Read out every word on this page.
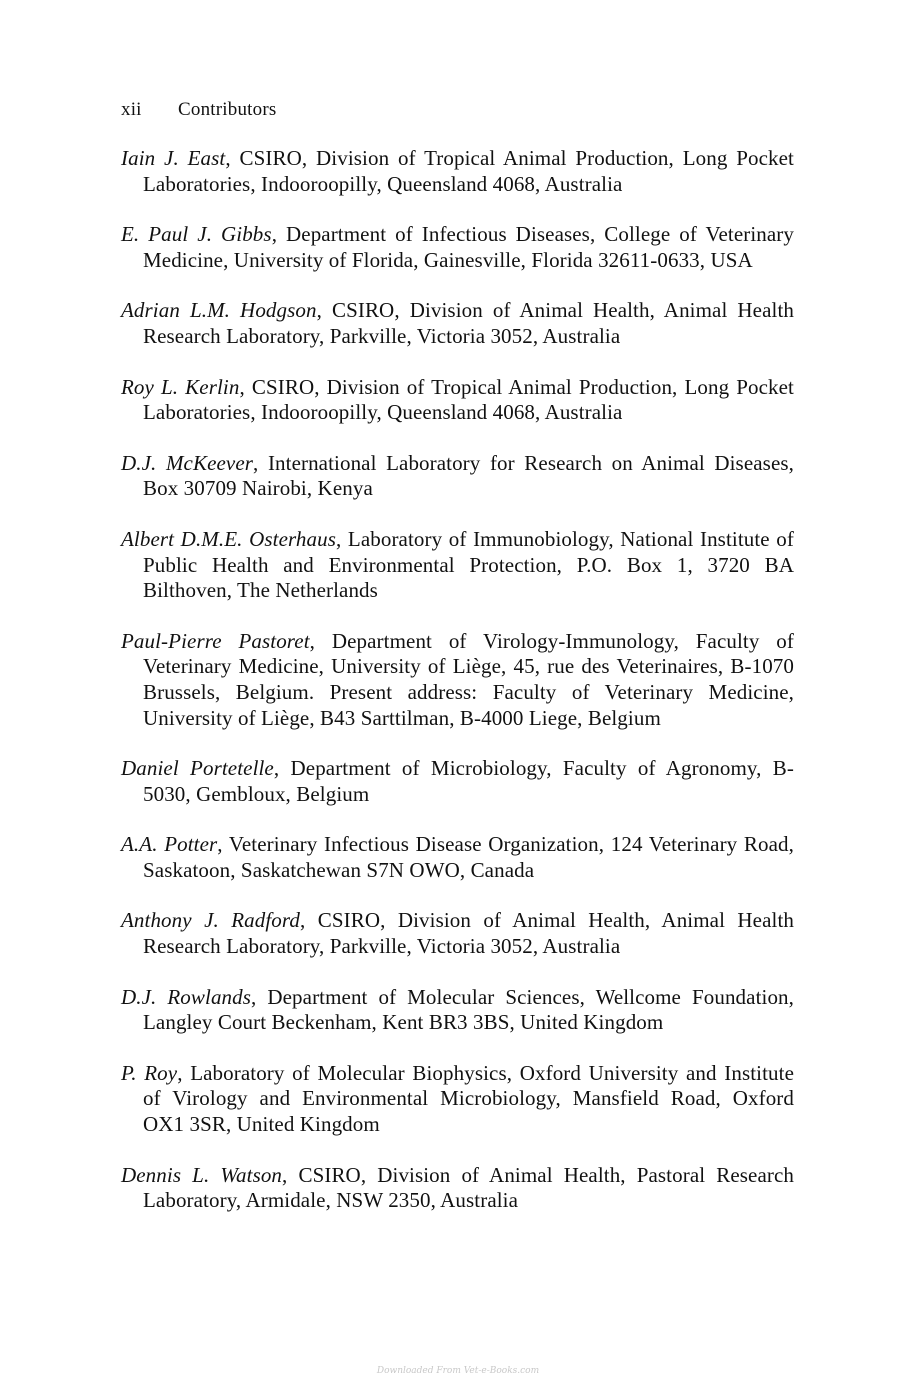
xii Contributors

Iain J. East, CSIRO, Division of Tropical Animal Production, Long Pocket Laboratories, Indooroopilly, Queensland 4068, Australia

E. Paul J. Gibbs, Department of Infectious Diseases, College of Veterinary Medicine, University of Florida, Gainesville, Florida 32611-0633, USA

Adrian L.M. Hodgson, CSIRO, Division of Animal Health, Animal Health Research Laboratory, Parkville, Victoria 3052, Australia

Roy L. Kerlin, CSIRO, Division of Tropical Animal Production, Long Pocket Laboratories, Indooroopilly, Queensland 4068, Australia

D.J. McKeever, International Laboratory for Research on Animal Diseases, Box 30709 Nairobi, Kenya

Albert D.M.E. Osterhaus, Laboratory of Immunobiology, National Institute of Public Health and Environmental Protection, P.O. Box 1, 3720 BA Bilthoven, The Netherlands

Paul-Pierre Pastoret, Department of Virology-Immunology, Faculty of Veterinary Medicine, University of Liège, 45, rue des Veterinaires, B-1070 Brussels, Belgium. Present address: Faculty of Veterinary Medicine, University of Liège, B43 Sarttilman, B-4000 Liege, Belgium

Daniel Portetelle, Department of Microbiology, Faculty of Agronomy, B-5030, Gembloux, Belgium

A.A. Potter, Veterinary Infectious Disease Organization, 124 Veterinary Road, Saskatoon, Saskatchewan S7N OWO, Canada

Anthony J. Radford, CSIRO, Division of Animal Health, Animal Health Research Laboratory, Parkville, Victoria 3052, Australia

D.J. Rowlands, Department of Molecular Sciences, Wellcome Foundation, Langley Court Beckenham, Kent BR3 3BS, United Kingdom

P. Roy, Laboratory of Molecular Biophysics, Oxford University and Institute of Virology and Environmental Microbiology, Mansfield Road, Oxford OX1 3SR, United Kingdom

Dennis L. Watson, CSIRO, Division of Animal Health, Pastoral Research Laboratory, Armidale, NSW 2350, Australia

Downloaded From Vet-e-Books.com
